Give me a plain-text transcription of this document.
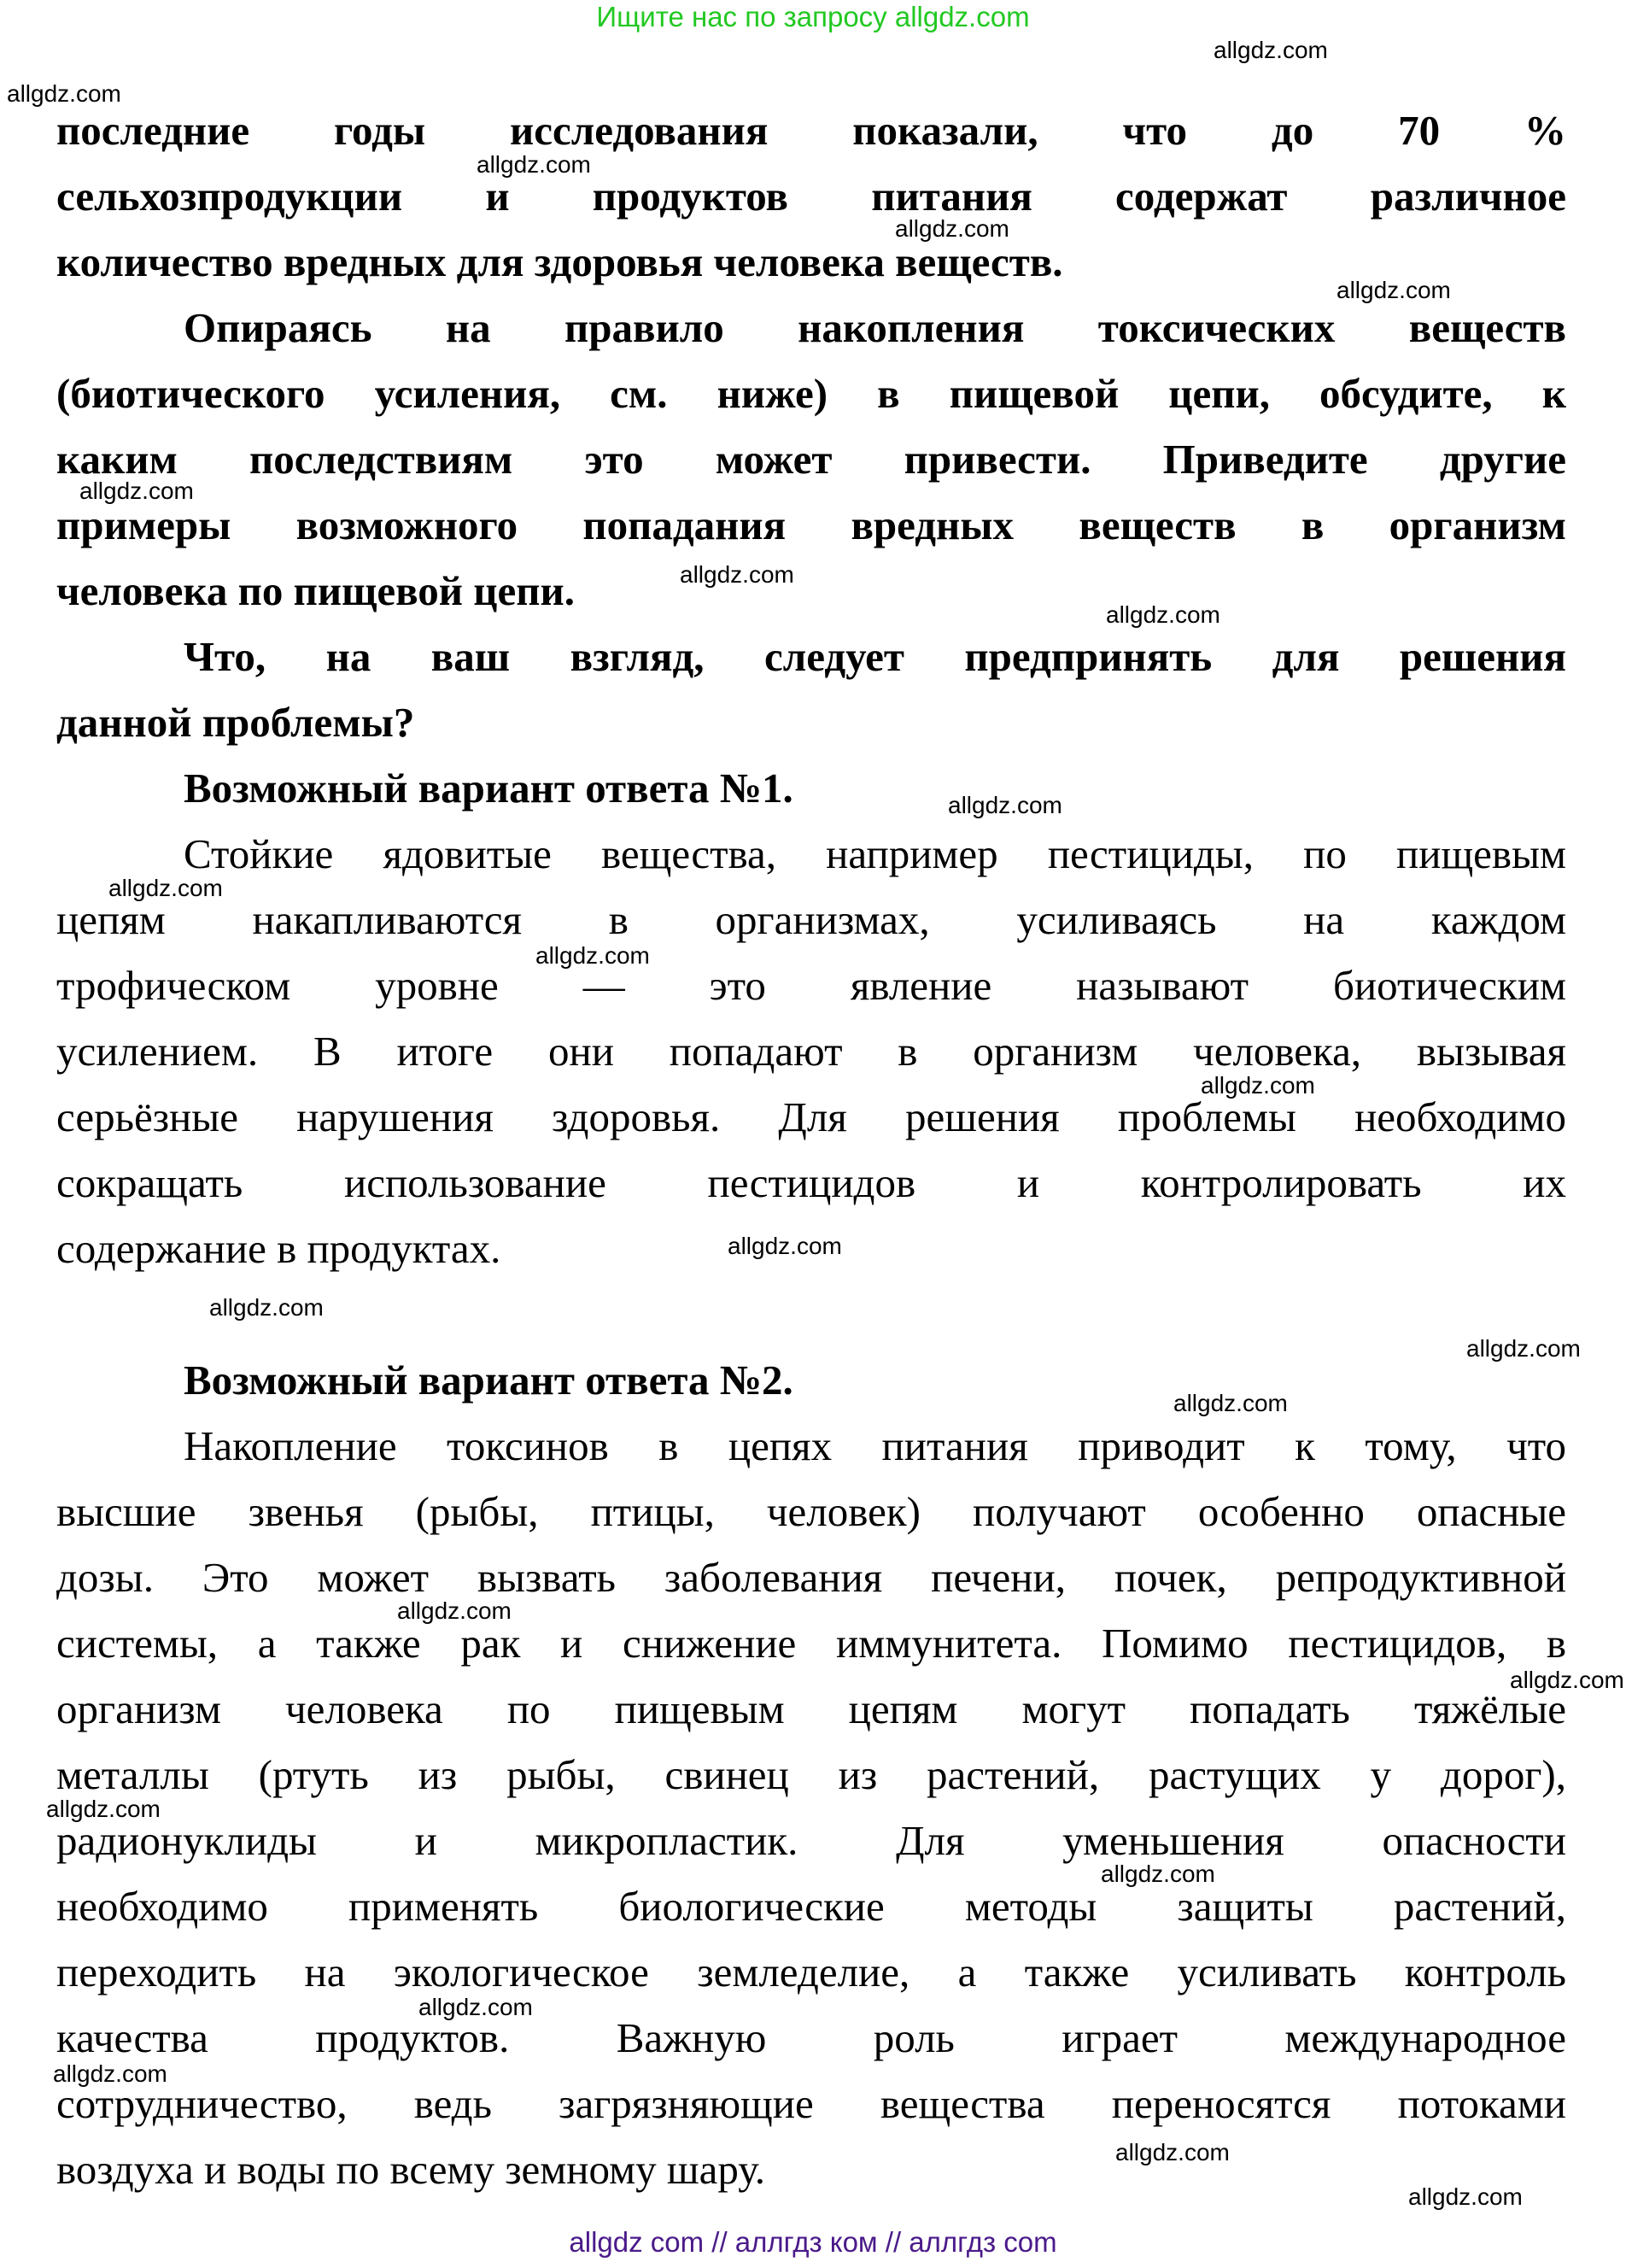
Ищите нас по запросу allgdz.com
последние годы исследования показали, что до 70 %
сельхозпродукции и продуктов питания содержат различное
количество вредных для здоровья человека веществ.
Опираясь на правило накопления токсических веществ
(биотического усиления, см. ниже) в пищевой цепи, обсудите, к
каким последствиям это может привести. Приведите другие
примеры возможного попадания вредных веществ в организм
человека по пищевой цепи.
Что, на ваш взгляд, следует предпринять для решения
данной проблемы?
Возможный вариант ответа №1.
Стойкие ядовитые вещества, например пестициды, по пищевым
цепям накапливаются в организмах, усиливаясь на каждом
трофическом уровне — это явление называют биотическим
усилением. В итоге они попадают в организм человека, вызывая
серьёзные нарушения здоровья. Для решения проблемы необходимо
сокращать использование пестицидов и контролировать их
содержание в продуктах.
Возможный вариант ответа №2.
Накопление токсинов в цепях питания приводит к тому, что
высшие звенья (рыбы, птицы, человек) получают особенно опасные
дозы. Это может вызвать заболевания печени, почек, репродуктивной
системы, а также рак и снижение иммунитета. Помимо пестицидов, в
организм человека по пищевым цепям могут попадать тяжёлые
металлы (ртуть из рыбы, свинец из растений, растущих у дорог),
радионуклиды и микропластик. Для уменьшения опасности
необходимо применять биологические методы защиты растений,
переходить на экологическое земледелие, а также усиливать контроль
качества продуктов. Важную роль играет международное
сотрудничество, ведь загрязняющие вещества переносятся потоками
воздуха и воды по всему земному шару.
allgdz.com
allgdz.com
allgdz.com
allgdz.com
allgdz.com
allgdz.com
allgdz.com
allgdz.com
allgdz.com
allgdz.com
allgdz.com
allgdz.com
allgdz.com
allgdz.com
allgdz.com
allgdz.com
allgdz.com
allgdz.com
allgdz.com
allgdz.com
allgdz.com
allgdz.com
allgdz.com
allgdz.com
allgdz com // аллгдз ком // аллгдз com
